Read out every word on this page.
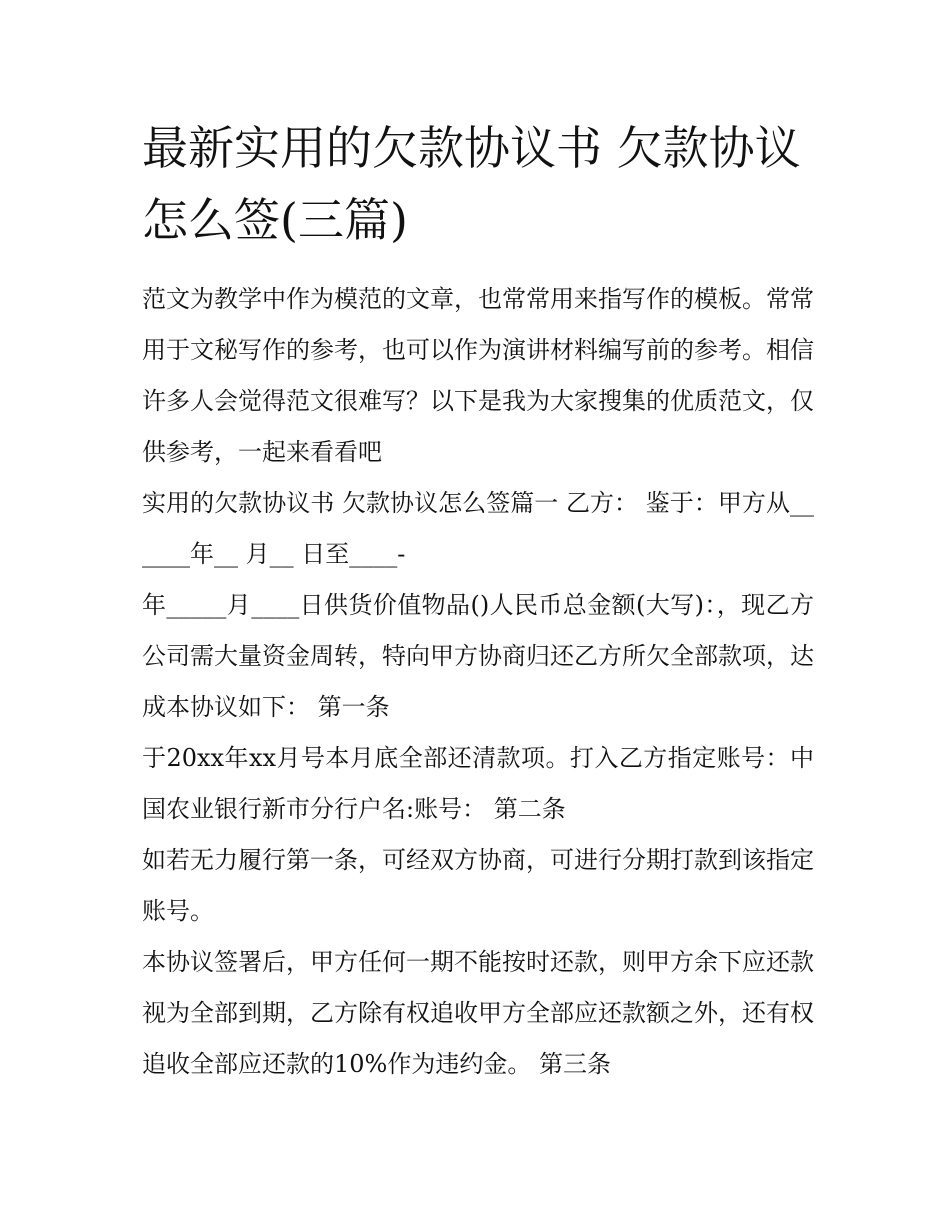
最新实用的欠款协议书 欠款协议怎么签(三篇)

范文为教学中作为模范的文章，也常常用来指写作的模板。常常用于文秘写作的参考，也可以作为演讲材料编写前的参考。相信许多人会觉得范文很难写？以下是我为大家搜集的优质范文，仅供参考，一起来看看吧

实用的欠款协议书 欠款协议怎么签篇一 乙方： 鉴于：甲方从______年__ 月__ 日至____-

年_____月____日供货价值物品()人民币总金额(大写)：，现乙方公司需大量资金周转，特向甲方协商归还乙方所欠全部款项，达成本协议如下： 第一条

于20xx年xx月号本月底全部还清款项。打入乙方指定账号：中国农业银行新市分行户名:账号： 第二条

如若无力履行第一条，可经双方协商，可进行分期打款到该指定账号。

本协议签署后，甲方任何一期不能按时还款，则甲方余下应还款视为全部到期，乙方除有权追收甲方全部应还款额之外，还有权追收全部应还款的10%作为违约金。 第三条
